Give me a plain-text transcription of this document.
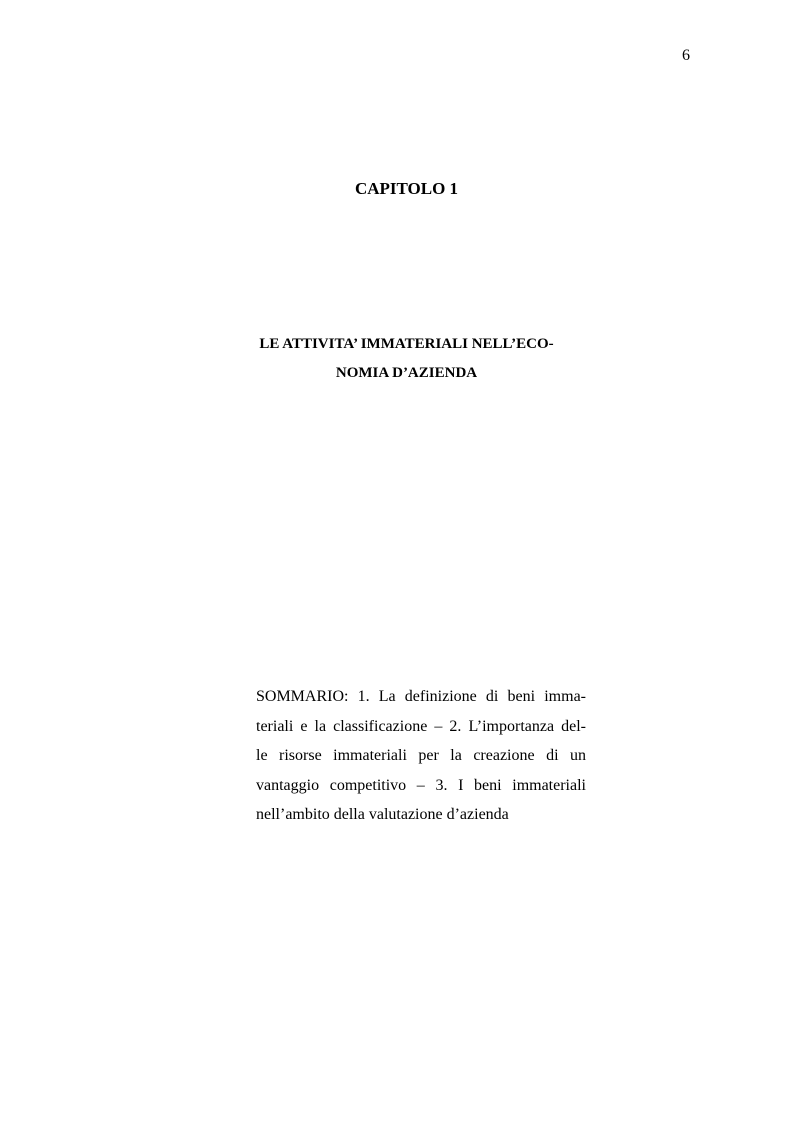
6
CAPITOLO 1
LE ATTIVITA’ IMMATERIALI NELL’ECO-
NOMIA D’AZIENDA
SOMMARIO: 1. La definizione di beni imma-
teriali e la classificazione – 2. L’importanza del-
le risorse immateriali per la creazione di un
vantaggio competitivo – 3. I beni immateriali
nell’ambito della valutazione d’azienda
